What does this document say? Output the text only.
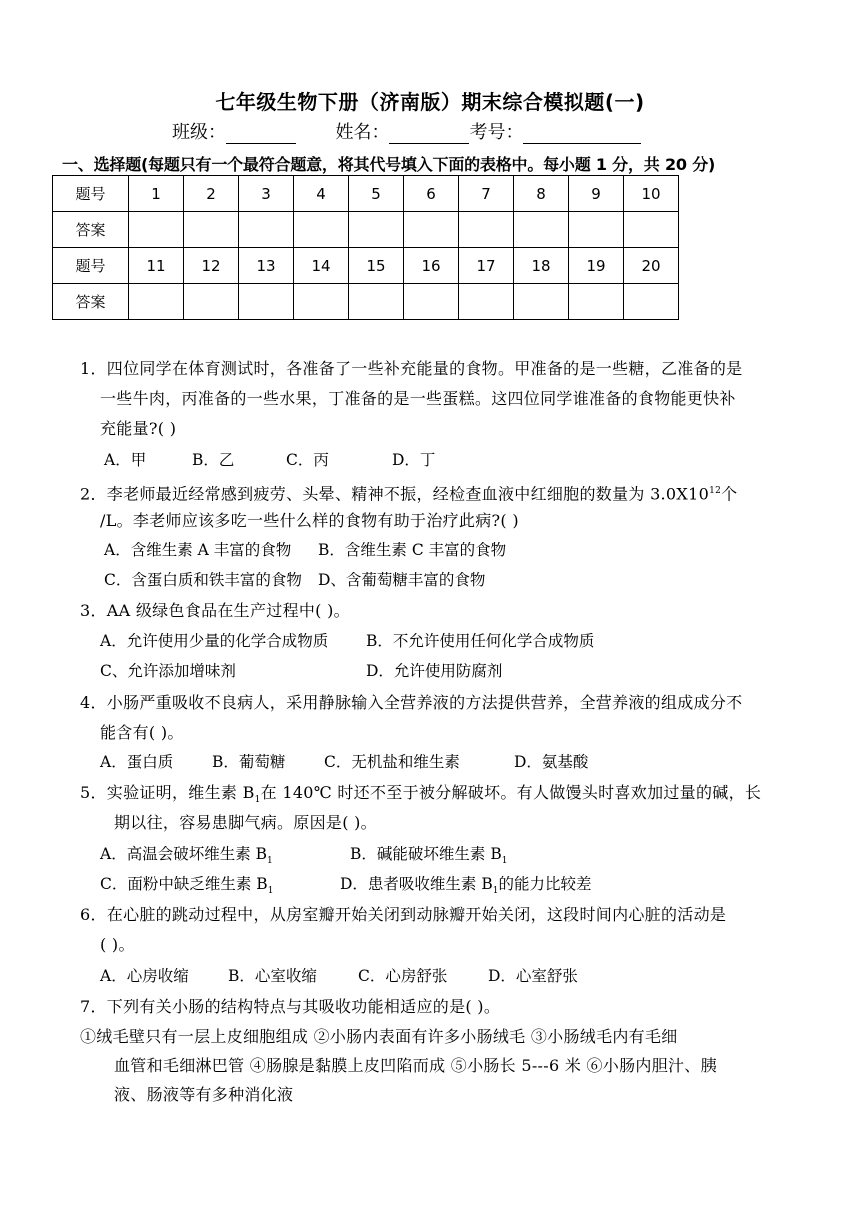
七年级生物下册（济南版）期末综合模拟题(一)
班级：	姓名：	考号：
一、选择题(每题只有一个最符合题意，将其代号填入下面的表格中。每小题 1 分，共 20 分)
题号	1	2	3	4	5	6	7	8	9	10
答案										
题号	11	12	13	14	15	16	17	18	19	20
答案										
1．四位同学在体育测试时，各准备了一些补充能量的食物。甲准备的是一些糖，乙准备的是
一些牛肉，丙准备的一些水果，丁准备的是一些蛋糕。这四位同学谁准备的食物能更快补
充能量?( )
A．甲	B．乙	C．丙	D．丁
2．李老师最近经常感到疲劳、头晕、精神不振，经检查血液中红细胞的数量为 $3.0X10^{12}$个
/L。李老师应该多吃一些什么样的食物有助于治疗此病?( )
A．含维生素 A 丰富的食物 B．含维生素 C 丰富的食物
C．含蛋白质和铁丰富的食物 D、含葡萄糖丰富的食物
3．AA 级绿色食品在生产过程中( )。
A．允许使用少量的化学合成物质 B．不允许使用任何化学合成物质
C、允许添加增味剂	D．允许使用防腐剂
4．小肠严重吸收不良病人，采用静脉输入全营养液的方法提供营养，全营养液的组成成分不
能含有( )。
A．蛋白质	B．葡萄糖 C．无机盐和维生素	D．氨基酸
5．实验证明，维生素 $B_1$在 140℃ 时还不至于被分解破坏。有人做馒头时喜欢加过量的碱，长
期以往，容易患脚气病。原因是( )。
A．高温会破坏维生素 $B_1$	B．碱能破坏维生素 $B_1$
C．面粉中缺乏维生素 $B_1$	D．患者吸收维生素 $B_1$的能力比较差
6．在心脏的跳动过程中，从房室瓣开始关闭到动脉瓣开始关闭，这段时间内心脏的活动是
( )。
A．心房收缩	B．心室收缩	C．心房舒张	D．心室舒张
7．下列有关小肠的结构特点与其吸收功能相适应的是( )。
①绒毛壁只有一层上皮细胞组成 ②小肠内表面有许多小肠绒毛 ③小肠绒毛内有毛细
血管和毛细淋巴管 ④肠腺是黏膜上皮凹陷而成 ⑤小肠长 5---6 米 ⑥小肠内胆汁、胰
液、肠液等有多种消化液
